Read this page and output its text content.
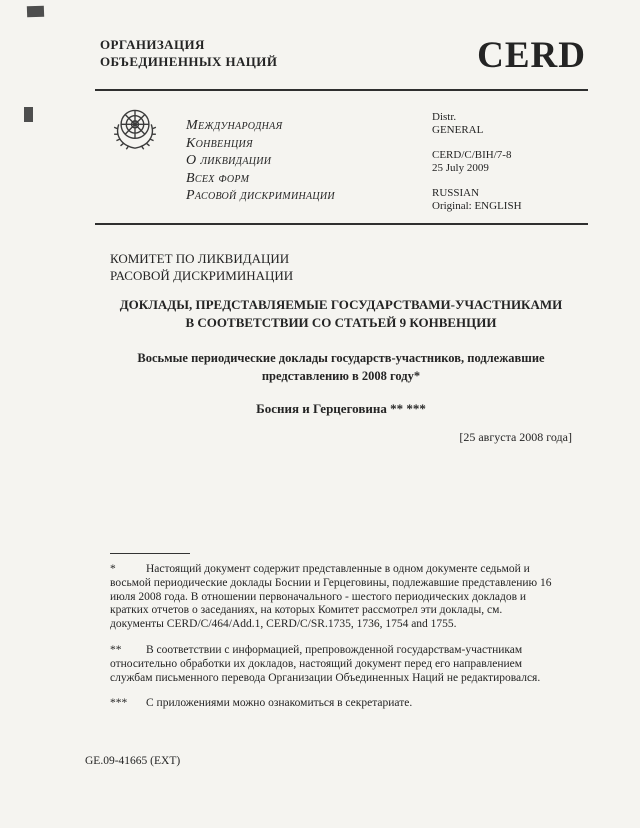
ОРГАНИЗАЦИЯ
ОБЪЕДИНЕННЫХ НАЦИЙ	CERD
Международная
Конвенция
О ликвидации
Всех форм
Расовой дискриминации
Distr.
GENERAL
CERD/C/BIH/7-8
25 July 2009
RUSSIAN
Original: ENGLISH
КОМИТЕТ ПО ЛИКВИДАЦИИ
РАСОВОЙ ДИСКРИМИНАЦИИ
ДОКЛАДЫ, ПРЕДСТАВЛЯЕМЫЕ ГОСУДАРСТВАМИ-УЧАСТНИКАМИ
В СООТВЕТСТВИИ СО СТАТЬЕЙ 9 КОНВЕНЦИИ
Восьмые периодические доклады государств-участников, подлежавшие
представлению в 2008 году*
Босния и Герцеговина ** ***
[25 августа 2008 года]

*	Настоящий документ содержит представленные в одном документе седьмой и восьмой периодические доклады Боснии и Герцеговины, подлежавшие представлению 16 июля 2008 года. В отношении первоначального - шестого периодических докладов и кратких отчетов о заседаниях, на которых Комитет рассмотрел эти доклады, см. документы CERD/C/464/Add.1, CERD/C/SR.1735, 1736, 1754 and 1755.

** В соответствии с информацией, препровожденной государствам-участникам относительно обработки их докладов, настоящий документ перед его направлением службам письменного перевода Организации Объединенных Наций не редактировался.

*** С приложениями можно ознакомиться в секретариате.

GE.09-41665 (EXT)
